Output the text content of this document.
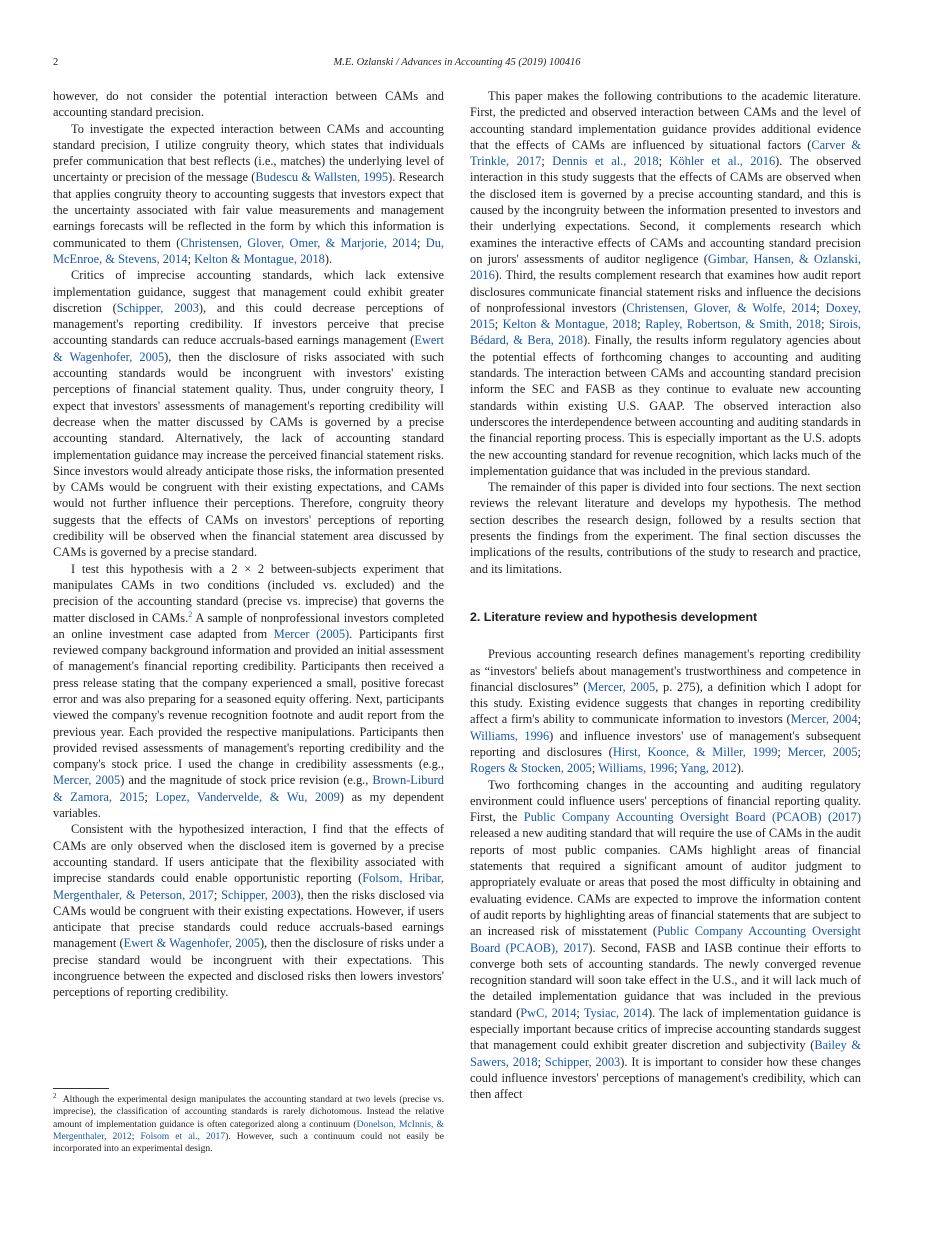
2	M.E. Ozlanski / Advances in Accounting 45 (2019) 100416

however, do not consider the potential interaction between CAMs and accounting standard precision.

To investigate the expected interaction between CAMs and accounting standard precision, I utilize congruity theory, which states that individuals prefer communication that best reflects (i.e., matches) the underlying level of uncertainty or precision of the message (Budescu & Wallsten, 1995). Research that applies congruity theory to accounting suggests that investors expect that the uncertainty associated with fair value measurements and management earnings forecasts will be reflected in the form by which this information is communicated to them (Christensen, Glover, Omer, & Marjorie, 2014; Du, McEnroe, & Stevens, 2014; Kelton & Montague, 2018).

Critics of imprecise accounting standards, which lack extensive implementation guidance, suggest that management could exhibit greater discretion (Schipper, 2003), and this could decrease perceptions of management's reporting credibility. If investors perceive that precise accounting standards can reduce accruals-based earnings management (Ewert & Wagenhofer, 2005), then the disclosure of risks associated with such accounting standards would be incongruent with investors' existing perceptions of financial statement quality. Thus, under congruity theory, I expect that investors' assessments of management's reporting credibility will decrease when the matter discussed by CAMs is governed by a precise accounting standard. Alternatively, the lack of accounting standard implementation guidance may increase the perceived financial statement risks. Since investors would already anticipate those risks, the information presented by CAMs would be congruent with their existing expectations, and CAMs would not further influence their perceptions. Therefore, congruity theory suggests that the effects of CAMs on investors' perceptions of reporting credibility will be observed when the financial statement area discussed by CAMs is governed by a precise standard.

I test this hypothesis with a 2 × 2 between-subjects experiment that manipulates CAMs in two conditions (included vs. excluded) and the precision of the accounting standard (precise vs. imprecise) that governs the matter disclosed in CAMs.$^2$ A sample of nonprofessional investors completed an online investment case adapted from Mercer (2005). Participants first reviewed company background information and provided an initial assessment of management's financial reporting credibility. Participants then received a press release stating that the company experienced a small, positive forecast error and was also preparing for a seasoned equity offering. Next, participants viewed the company's revenue recognition footnote and audit report from the previous year. Each provided the respective manipulations. Participants then provided revised assessments of management's reporting credibility and the company's stock price. I used the change in credibility assessments (e.g., Mercer, 2005) and the magnitude of stock price revision (e.g., Brown-Liburd & Zamora, 2015; Lopez, Vandervelde, & Wu, 2009) as my dependent variables.

Consistent with the hypothesized interaction, I find that the effects of CAMs are only observed when the disclosed item is governed by a precise accounting standard. If users anticipate that the flexibility associated with imprecise standards could enable opportunistic reporting (Folsom, Hribar, Mergenthaler, & Peterson, 2017; Schipper, 2003), then the risks disclosed via CAMs would be congruent with their existing expectations. However, if users anticipate that precise standards could reduce accruals-based earnings management (Ewert & Wagenhofer, 2005), then the disclosure of risks under a precise standard would be incongruent with their expectations. This incongruence between the expected and disclosed risks then lowers investors' perceptions of reporting credibility.

$^2$ Although the experimental design manipulates the accounting standard at two levels (precise vs. imprecise), the classification of accounting standards is rarely dichotomous. Instead the relative amount of implementation guidance is often categorized along a continuum (Donelson, McInnis, & Mergenthaler, 2012; Folsom et al., 2017). However, such a continuum could not easily be incorporated into an experimental design.

This paper makes the following contributions to the academic literature. First, the predicted and observed interaction between CAMs and the level of accounting standard implementation guidance provides additional evidence that the effects of CAMs are influenced by situational factors (Carver & Trinkle, 2017; Dennis et al., 2018; Köhler et al., 2016). The observed interaction in this study suggests that the effects of CAMs are observed when the disclosed item is governed by a precise accounting standard, and this is caused by the incongruity between the information presented to investors and their underlying expectations. Second, it complements research which examines the interactive effects of CAMs and accounting standard precision on jurors' assessments of auditor negligence (Gimbar, Hansen, & Ozlanski, 2016). Third, the results complement research that examines how audit report disclosures communicate financial statement risks and influence the decisions of nonprofessional investors (Christensen, Glover, & Wolfe, 2014; Doxey, 2015; Kelton & Montague, 2018; Rapley, Robertson, & Smith, 2018; Sirois, Bédard, & Bera, 2018). Finally, the results inform regulatory agencies about the potential effects of forthcoming changes to accounting and auditing standards. The interaction between CAMs and accounting standard precision inform the SEC and FASB as they continue to evaluate new accounting standards within existing U.S. GAAP. The observed interaction also underscores the interdependence between accounting and auditing standards in the financial reporting process. This is especially important as the U.S. adopts the new accounting standard for revenue recognition, which lacks much of the implementation guidance that was included in the previous standard.

The remainder of this paper is divided into four sections. The next section reviews the relevant literature and develops my hypothesis. The method section describes the research design, followed by a results section that presents the findings from the experiment. The final section discusses the implications of the results, contributions of the study to research and practice, and its limitations.

2. Literature review and hypothesis development

Previous accounting research defines management's reporting credibility as “investors' beliefs about management's trustworthiness and competence in financial disclosures” (Mercer, 2005, p. 275), a definition which I adopt for this study. Existing evidence suggests that changes in reporting credibility affect a firm's ability to communicate information to investors (Mercer, 2004; Williams, 1996) and influence investors' use of management's subsequent reporting and disclosures (Hirst, Koonce, & Miller, 1999; Mercer, 2005; Rogers & Stocken, 2005; Williams, 1996; Yang, 2012).

Two forthcoming changes in the accounting and auditing regulatory environment could influence users' perceptions of financial reporting quality. First, the Public Company Accounting Oversight Board (PCAOB) (2017) released a new auditing standard that will require the use of CAMs in the audit reports of most public companies. CAMs highlight areas of financial statements that required a significant amount of auditor judgment to appropriately evaluate or areas that posed the most difficulty in obtaining and evaluating evidence. CAMs are expected to improve the information content of audit reports by highlighting areas of financial statements that are subject to an increased risk of misstatement (Public Company Accounting Oversight Board (PCAOB), 2017). Second, FASB and IASB continue their efforts to converge both sets of accounting standards. The newly converged revenue recognition standard will soon take effect in the U.S., and it will lack much of the detailed implementation guidance that was included in the previous standard (PwC, 2014; Tysiac, 2014). The lack of implementation guidance is especially important because critics of imprecise accounting standards suggest that management could exhibit greater discretion and subjectivity (Bailey & Sawers, 2018; Schipper, 2003). It is important to consider how these changes could influence investors' perceptions of management's credibility, which can then affect
